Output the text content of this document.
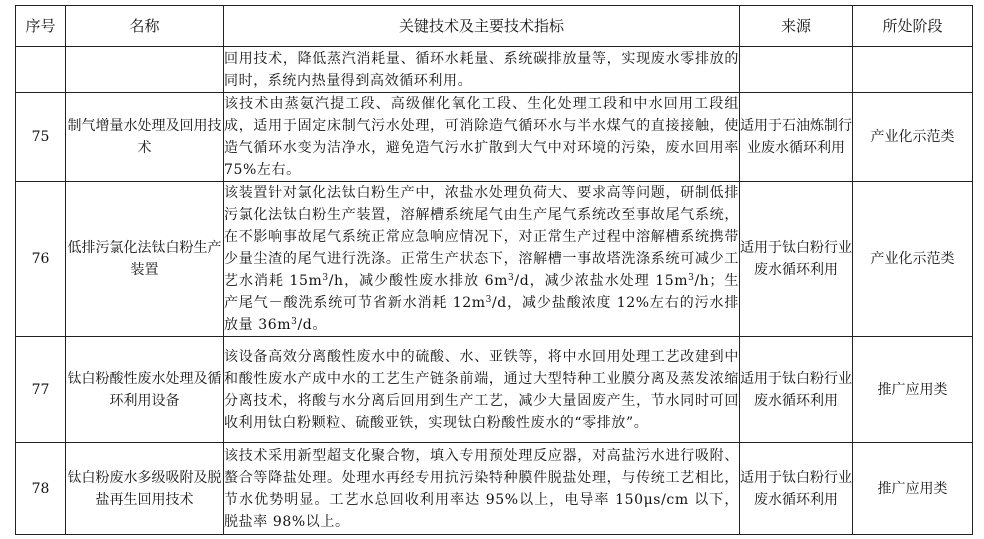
序号	名称	关键技术及主要技术指标	来源	所处阶段
		回用技术，降低蒸汽消耗量、循环水耗量、系统碳排放量等，实现废水零排放的同时，系统内热量得到高效循环利用。		
75	制气增量水处理及回用技术	该技术由蒸氨汽提工段、高级催化氧化工段、生化处理工段和中水回用工段组成，适用于固定床制气污水处理，可消除造气循环水与半水煤气的直接接触，使造气循环水变为洁净水，避免造气污水扩散到大气中对环境的污染，废水回用率 75%左右。	适用于石油炼制行业废水循环利用	产业化示范类
76	低排污氯化法钛白粉生产装置	该装置针对氯化法钛白粉生产中，浓盐水处理负荷大、要求高等问题，研制低排污氯化法钛白粉生产装置，溶解槽系统尾气由生产尾气系统改至事故尾气系统，在不影响事故尾气系统正常应急响应情况下，对正常生产过程中溶解槽系统携带少量尘渣的尾气进行洗涤。正常生产状态下，溶解槽一事故塔洗涤系统可减少工艺水消耗 $15m^3/h$，减少酸性废水排放 $6m^3/d$，减少浓盐水处理 $15m^3/h$；生产尾气－酸洗系统可节省新水消耗 $12m^3/d$，减少盐酸浓度 12%左右的污水排放量 $36m^3/d$。	适用于钛白粉行业废水循环利用	产业化示范类
77	钛白粉酸性废水处理及循环利用设备	该设备高效分离酸性废水中的硫酸、水、亚铁等，将中水回用处理工艺改建到中和酸性废水产成中水的工艺生产链条前端，通过大型特种工业膜分离及蒸发浓缩分离技术，将酸与水分离后回用到生产工艺，减少大量固废产生，节水同时可回收利用钛白粉颗粒、硫酸亚铁，实现钛白粉酸性废水的“零排放”。	适用于钛白粉行业废水循环利用	推广应用类
78	钛白粉废水多级吸附及脱盐再生回用技术	该技术采用新型超支化聚合物，填入专用预处理反应器，对高盐污水进行吸附、螯合等降盐处理。处理水再经专用抗污染特种膜件脱盐处理，与传统工艺相比，节水优势明显。工艺水总回收利用率达 95%以上，电导率 150μs/cm 以下，脱盐率 98%以上。	适用于钛白粉行业废水循环利用	推广应用类
